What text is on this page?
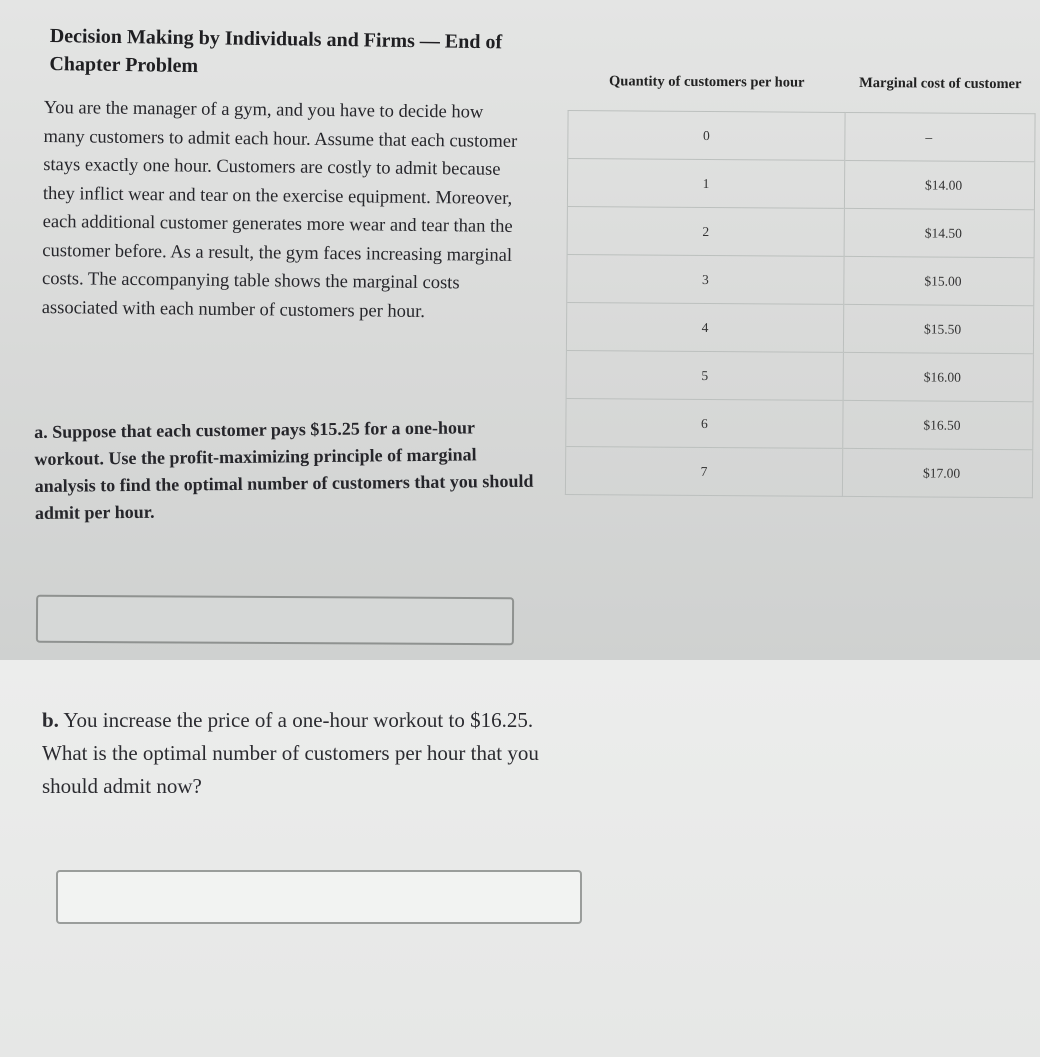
Decision Making by Individuals and Firms — End of Chapter Problem
You are the manager of a gym, and you have to decide how many customers to admit each hour. Assume that each customer stays exactly one hour. Customers are costly to admit because they inflict wear and tear on the exercise equipment. Moreover, each additional customer generates more wear and tear than the customer before. As a result, the gym faces increasing marginal costs. The accompanying table shows the marginal costs associated with each number of customers per hour.
a. Suppose that each customer pays $15.25 for a one-hour workout. Use the profit-maximizing principle of marginal analysis to find the optimal number of customers that you should admit per hour.
Quantity of customers per hour	Marginal cost of customer
0	–
1	$14.00
2	$14.50
3	$15.00
4	$15.50
5	$16.00
6	$16.50
7	$17.00
b. You increase the price of a one-hour workout to $16.25. What is the optimal number of customers per hour that you should admit now?
